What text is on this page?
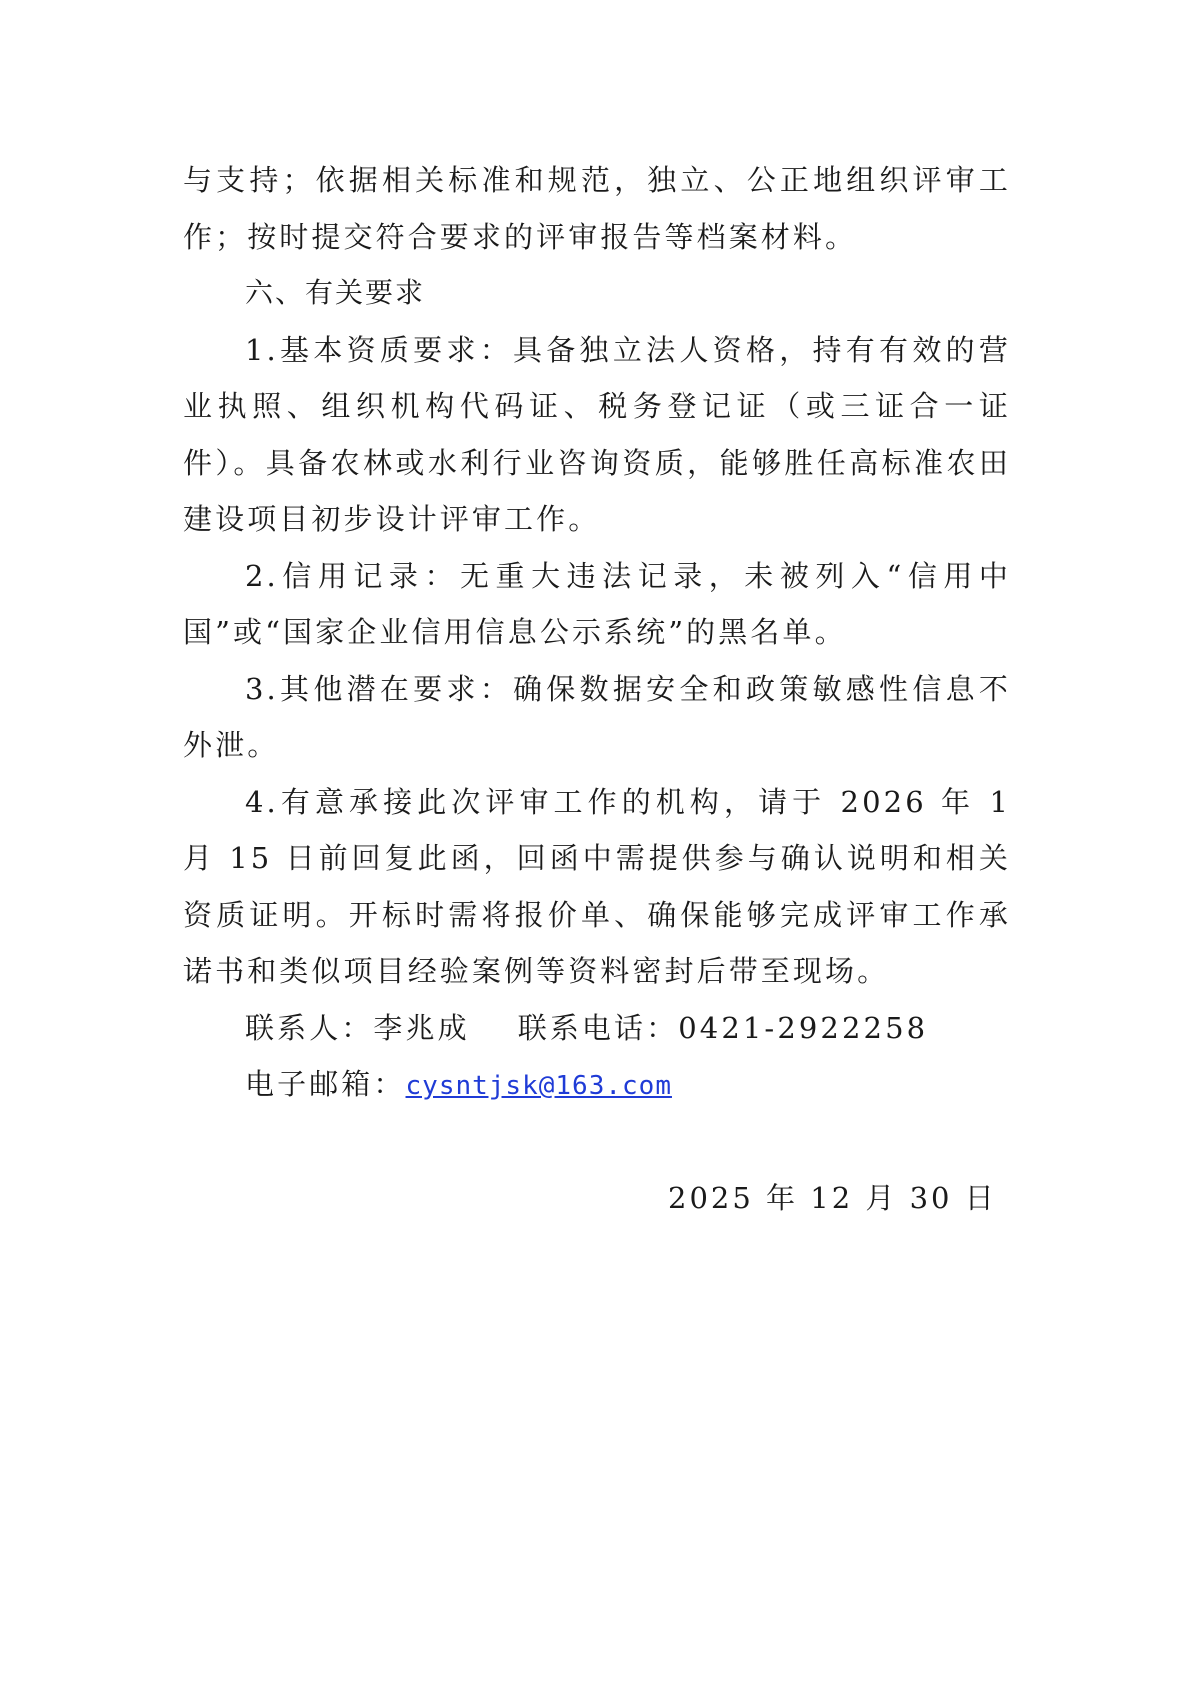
与支持；依据相关标准和规范，独立、公正地组织评审工作；按时提交符合要求的评审报告等档案材料。

六、有关要求

1.基本资质要求：具备独立法人资格，持有有效的营业执照、组织机构代码证、税务登记证（或三证合一证件）。具备农林或水利行业咨询资质，能够胜任高标准农田建设项目初步设计评审工作。

2.信用记录：无重大违法记录，未被列入“信用中国”或“国家企业信用信息公示系统”的黑名单。

3.其他潜在要求：确保数据安全和政策敏感性信息不外泄。

4.有意承接此次评审工作的机构，请于 2026 年 1 月 15 日前回复此函，回函中需提供参与确认说明和相关资质证明。开标时需将报价单、确保能够完成评审工作承诺书和类似项目经验案例等资料密封后带至现场。

联系人：李兆成 联系电话：0421-2922258

电子邮箱：cysntjsk@163.com

2025 年 12 月 30 日
